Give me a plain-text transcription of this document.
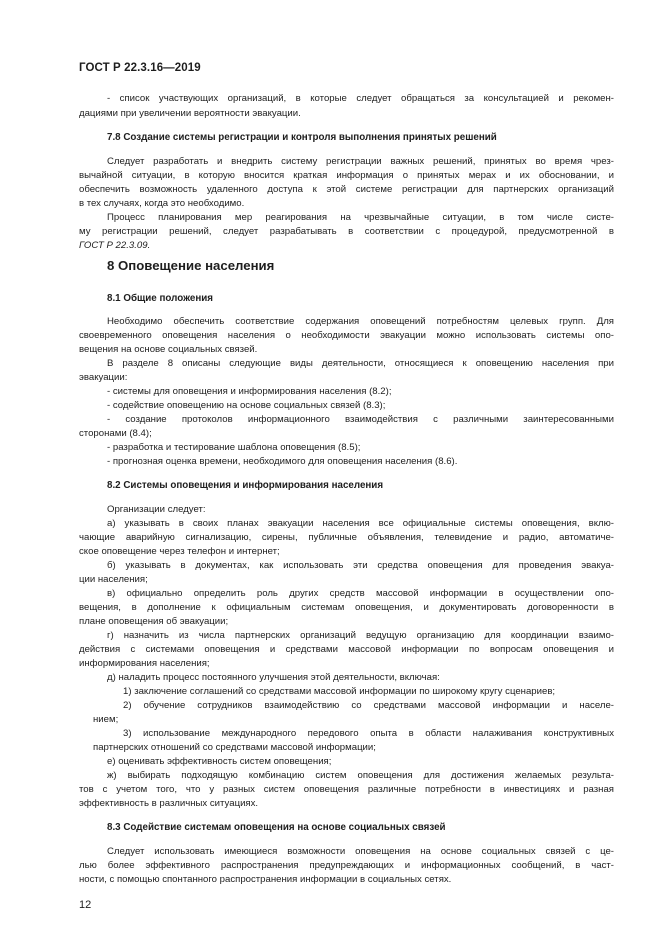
ГОСТ Р 22.3.16—2019
- список участвующих организаций, в которые следует обращаться за консультацией и рекомен-
дациями при увеличении вероятности эвакуации.
7.8 Создание системы регистрации и контроля выполнения принятых решений
Следует разработать и внедрить систему регистрации важных решений, принятых во время чрез-
вычайной ситуации, в которую вносится краткая информация о принятых мерах и их обосновании, и
обеспечить возможность удаленного доступа к этой системе регистрации для партнерских организаций
в тех случаях, когда это необходимо.
Процесс планирования мер реагирования на чрезвычайные ситуации, в том числе систе-
му регистрации решений, следует разрабатывать в соответствии с процедурой, предусмотренной в
ГОСТ Р 22.3.09.
8 Оповещение населения
8.1 Общие положения
Необходимо обеспечить соответствие содержания оповещений потребностям целевых групп. Для
своевременного оповещения населения о необходимости эвакуации можно использовать системы опо-
вещения на основе социальных связей.
В разделе 8 описаны следующие виды деятельности, относящиеся к оповещению населения при
эвакуации:
- системы для оповещения и информирования населения (8.2);
- содействие оповещению на основе социальных связей (8.3);
- создание протоколов информационного взаимодействия с различными заинтересованными
сторонами (8.4);
- разработка и тестирование шаблона оповещения (8.5);
- прогнозная оценка времени, необходимого для оповещения населения (8.6).
8.2 Системы оповещения и информирования населения
Организации следует:
а) указывать в своих планах эвакуации населения все официальные системы оповещения, вклю-
чающие аварийную сигнализацию, сирены, публичные объявления, телевидение и радио, автоматиче-
ское оповещение через телефон и интернет;
б) указывать в документах, как использовать эти средства оповещения для проведения эвакуа-
ции населения;
в) официально определить роль других средств массовой информации в осуществлении опо-
вещения, в дополнение к официальным системам оповещения, и документировать договоренности в
плане оповещения об эвакуации;
г) назначить из числа партнерских организаций ведущую организацию для координации взаимо-
действия с системами оповещения и средствами массовой информации по вопросам оповещения и
информирования населения;
д) наладить процесс постоянного улучшения этой деятельности, включая:
1) заключение соглашений со средствами массовой информации по широкому кругу сценариев;
2) обучение сотрудников взаимодействию со средствами массовой информации и населе-
нием;
3) использование международного передового опыта в области налаживания конструктивных
партнерских отношений со средствами массовой информации;
е) оценивать эффективность систем оповещения;
ж) выбирать подходящую комбинацию систем оповещения для достижения желаемых результа-
тов с учетом того, что у разных систем оповещения различные потребности в инвестициях и разная
эффективность в различных ситуациях.
8.3 Содействие системам оповещения на основе социальных связей
Следует использовать имеющиеся возможности оповещения на основе социальных связей с це-
лью более эффективного распространения предупреждающих и информационных сообщений, в част-
ности, с помощью спонтанного распространения информации в социальных сетях.
12
